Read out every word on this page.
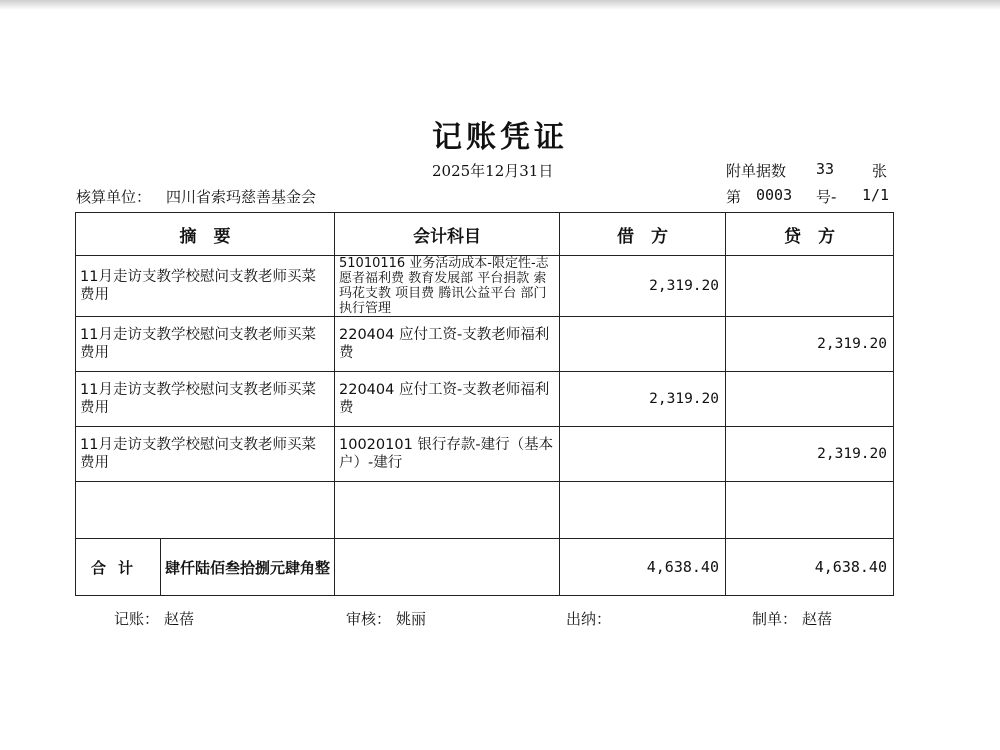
记账凭证
2025年12月31日	附单据数 33	张
核算单位： 四川省索玛慈善基金会	第 0003 号- 1/1
摘　要	会计科目	借　方	贷　方
11月走访支教学校慰问支教老师买菜费用	51010116 业务活动成本-限定性-志愿者福利费 教育发展部 平台捐款 索玛花支教 项目费 腾讯公益平台 部门执行管理	2,319.20	
11月走访支教学校慰问支教老师买菜费用	220404 应付工资-支教老师福利费		2,319.20
11月走访支教学校慰问支教老师买菜费用	220404 应付工资-支教老师福利费	2,319.20	
11月走访支教学校慰问支教老师买菜费用	10020101 银行存款-建行（基本户）-建行		2,319.20

合计 肆仟陆佰叁拾捌元肆角整		4,638.40	4,638.40
记账： 赵蓓	审核： 姚丽	出纳：	制单： 赵蓓
